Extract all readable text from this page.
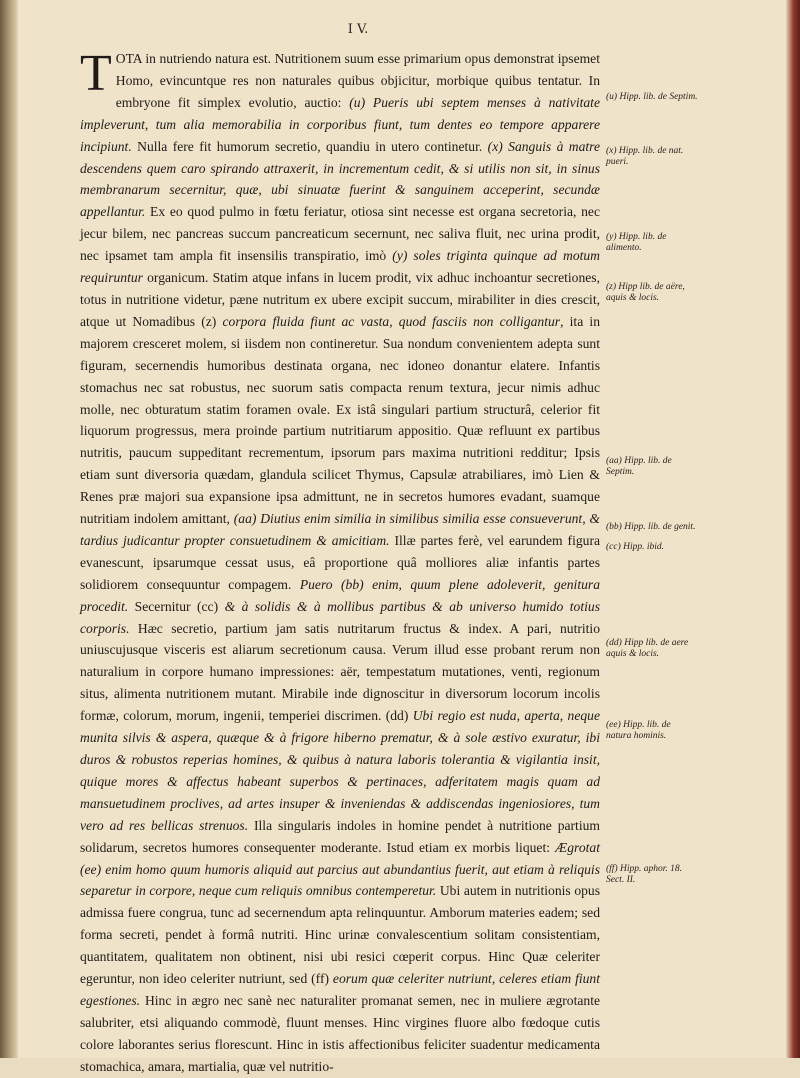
I V.
T OTA in nutriendo natura est. Nutritionem suum esse primarium opus demonstrat ipsemet Homo, evincuntque res non naturales quibus objicitur, morbique quibus tentatur. In embryone fit simplex evolutio, auctio: (u) Pueris ubi septem menses à nativitate impleverunt, tum alia memorabilia in corporibus fiunt, tum dentes eo tempore apparere incipiunt. Nulla fere fit humorum secretio, quandiu in utero continetur. (x) Sanguis à matre descendens quem caro spirando attraxerit, in incrementum cedit, & si utilis non sit, in sinus membranarum secernitur, quæ, ubi sinuatæ fuerint & sanguinem acceperint, secundæ appellantur. Ex eo quod pulmo in fœtu feriatur, otiosa sint necesse est organa secretoria, nec jecur bilem, nec pancreas succum pancreaticum secernunt, nec saliva fluit, nec urina prodit, nec ipsamet tam ampla fit insensilis transpiratio, imò (y) soles triginta quinque ad motum requiruntur organicum. Statim atque infans in lucem prodit, vix adhuc inchoantur secretiones, totus in nutritione videtur, pæne nutritum ex ubere excipit succum, mirabiliter in dies crescit, atque ut Nomadibus (z) corpora fluida fiunt ac vasta, quod fasciis non colligantur, ita in majorem cresceret molem, si iisdem non contineretur. Sua nondum convenientem adepta sunt figuram, secernendis humoribus destinata organa, nec idoneo donantur elatere. Infantis stomachus nec sat robustus, nec suorum satis compacta renum textura, jecur nimis adhuc molle, nec obturatum statim foramen ovale. Ex istâ singulari partium structurâ, celerior fit liquorum progressus, mera proinde partium nutritiarum appositio. Quæ refluunt ex partibus nutritis, paucum suppeditant recrementum, ipsorum pars maxima nutritioni redditur; Ipsis etiam sunt diversoria quædam, glandula scilicet Thymus, Capsulæ atrabiliares, imò Lien & Renes præ majori sua expansione ipsa admittunt, ne in secretos humores evadant, suamque nutritiam indolem amittant, (aa) Diutius enim similia in similibus similia esse consueverunt, & tardius judicantur propter consuetudinem & amicitiam. Illæ partes ferè, vel earundem figura evanescunt, ipsarumque cessat usus, eâ proportione quâ molliores aliæ infantis partes solidiorem consequuntur compagem. Puero (bb) enim, quum plene adoleverit, genitura procedit. Secernitur (cc) & à solidis & à mollibus partibus & ab universo humido totius corporis. Hæc secretio, partium jam satis nutritarum fructus & index. A pari, nutritio uniuscujusque visceris est aliarum secretionum causa. Verum illud esse probant rerum non naturalium in corpore humano impressiones: aër, tempestatum mutationes, venti, regionum situs, alimenta nutritionem mutant. Mirabile inde dignoscitur in diversorum locorum incolis formæ, colorum, morum, ingenii, temperiei discrimen. (dd) Ubi regio est nuda, aperta, neque munita silvis & aspera, quæque & à frigore hiberno prematur, & à sole æstivo exuratur, ibi duros & robustos reperias homines, & quibus à natura laboris tolerantia & vigilantia insit, quique mores & affectus habeant superbos & pertinaces, adferitatem magis quam ad mansuetudinem proclives, ad artes insuper & inveniendas & addiscendas ingeniosiores, tum vero ad res bellicas strenuos. Illa singularis indoles in homine pendet à nutritione partium solidarum, secretos humores consequenter moderante. Istud etiam ex morbis liquet: Ægrotat (ee) enim homo quum humoris aliquid aut parcius aut abundantius fuerit, aut etiam à reliquis separetur in corpore, neque cum reliquis omnibus contemperetur. Ubi autem in nutritionis opus admissa fuere congrua, tunc ad secernendum apta relinquuntur. Amborum materies eadem; sed forma secreti, pendet à formâ nutriti. Hinc urinæ convalescentium solitam consistentiam, quantitatem, qualitatem non obtinent, nisi ubi resici cœperit corpus. Hinc Quæ celeriter egeruntur, non ideo celeriter nutriunt, sed (ff) eorum quæ celeriter nutriunt, celeres etiam fiunt egestiones. Hinc in ægro nec sanè nec naturaliter promanat semen, nec in muliere ægrotante salubriter, etsi aliquando commodè, fluunt menses. Hinc virgines fluore albo fœdoque cutis colore laborantes serius florescunt. Hinc in istis affectionibus feliciter suadentur medicamenta stomachica, amara, martialia, quæ vel nutritio-
(u) Hipp. lib. de Septim.
(x) Hipp. lib. de nat. pueri.
(y) Hipp. lib. de alimento.
(z) Hipp lib. de aëre, aquis & locis.
(aa) Hipp. lib. de Septim.
(bb) Hipp. lib. de genit.
(cc) Hipp. ibid.
(dd) Hipp lib. de aere aquis & locis.
(ee) Hipp. lib. de natura hominis.
(ff) Hipp. aphor. 18. Sect. II.
